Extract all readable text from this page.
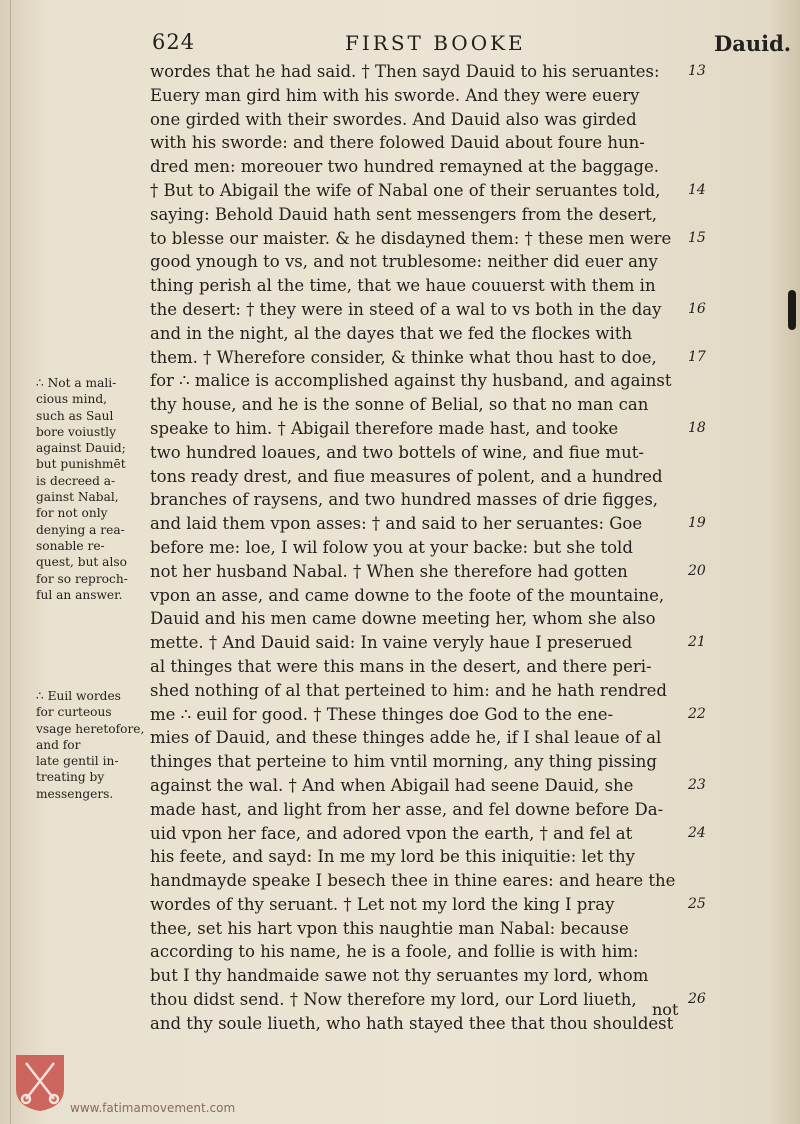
624	FIRST BOOKE	Dauid.
wordes that he had said. † Then sayd Dauid to his seruantes:
Euery man gird him with his sworde. And they were euery
one girded with their swordes. And Dauid also was girded
with his sworde: and there folowed Dauid about foure hun-
dred men: moreouer two hundred remayned at the baggage.
† But to Abigail the wife of Nabal one of their seruantes told,
saying: Behold Dauid hath sent messengers from the desert,
to blesse our maister. & he disdayned them: † these men were
good ynough to vs, and not trublesome: neither did euer any
thing perish al the time, that we haue couuerst with them in
the desert: † they were in steed of a wal to vs both in the day
and in the night, al the dayes that we fed the flockes with
them. † Wherefore consider, & thinke what thou hast to doe,
for ∴ malice is accomplished against thy husband, and against
thy house, and he is the sonne of Belial, so that no man can
speake to him. † Abigail therefore made hast, and tooke
two hundred loaues, and two bottels of wine, and fiue mut-
tons ready drest, and fiue measures of polent, and a hundred
branches of raysens, and two hundred masses of drie figges,
and laid them vpon asses: † and said to her seruantes: Goe
before me: loe, I wil folow you at your backe: but she told
not her husband Nabal. † When she therefore had gotten
vpon an asse, and came downe to the foote of the mountaine,
Dauid and his men came downe meeting her, whom she also
mette. † And Dauid said: In vaine veryly haue I preserued
al thinges that were this mans in the desert, and there peri-
shed nothing of al that perteined to him: and he hath rendred
me ∴ euil for good. † These thinges doe God to the ene-
mies of Dauid, and these thinges adde he, if I shal leaue of al
thinges that perteine to him vntil morning, any thing pissing
against the wal. † And when Abigail had seene Dauid, she
made hast, and light from her asse, and fel downe before Da-
uid vpon her face, and adored vpon the earth, † and fel at
his feete, and sayd: In me my lord be this iniquitie: let thy
handmayde speake I besech thee in thine eares: and heare the
wordes of thy seruant. † Let not my lord the king I pray
thee, set his hart vpon this naughtie man Nabal: because
according to his name, he is a foole, and follie is with him:
but I thy handmaide sawe not thy seruantes my lord, whom
thou didst send. † Now therefore my lord, our Lord liueth,
and thy soule liueth, who hath stayed thee that thou shouldest
13
14
15
16
17
18
19
20
21
22
23
24
25
26
∴ Not a mali-
cious mind,
such as Saul
bore voiustly
against Dauid;
but punishmēt
is decreed a-
gainst Nabal,
for not only
denying a rea-
sonable re-
quest, but also
for so reproch-
ful an answer.
∴ Euil wordes
for curteous
vsage heretofore,
and for
late gentil in-
treating by
messengers.
not
www.fatimamovement.com
